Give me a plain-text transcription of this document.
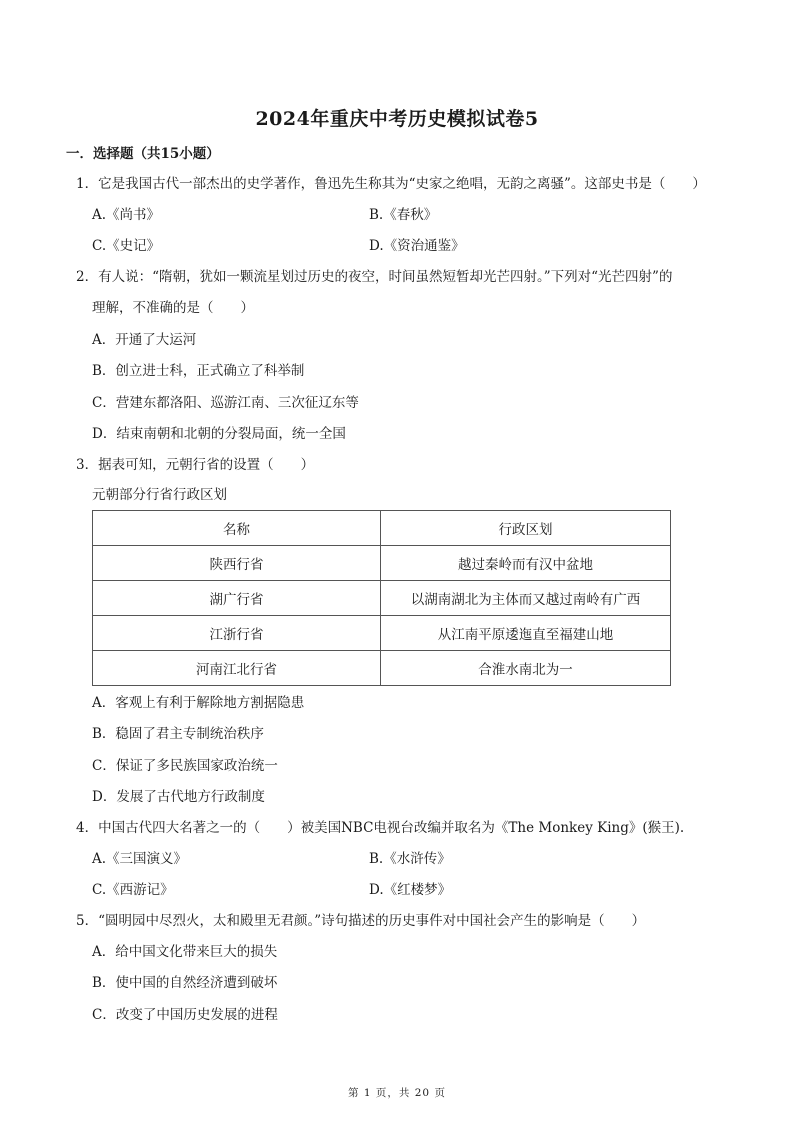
2024年重庆中考历史模拟试卷5
一．选择题（共15小题）
1．它是我国古代一部杰出的史学著作，鲁迅先生称其为“史家之绝唱，无韵之离骚”。这部史书是（　　）
A.《尚书》	B.《春秋》
C.《史记》	D.《资治通鉴》
2．有人说：“隋朝，犹如一颗流星划过历史的夜空，时间虽然短暂却光芒四射。”下列对“光芒四射”的
理解，不准确的是（　　）
A．开通了大运河
B．创立进士科，正式确立了科举制
C．营建东都洛阳、巡游江南、三次征辽东等
D．结束南朝和北朝的分裂局面，统一全国
3．据表可知，元朝行省的设置（　　）
元朝部分行省行政区划
名称	行政区划
陕西行省	越过秦岭而有汉中盆地
湖广行省	以湖南湖北为主体而又越过南岭有广西
江浙行省	从江南平原逶迤直至福建山地
河南江北行省	合淮水南北为一
A．客观上有利于解除地方割据隐患
B．稳固了君主专制统治秩序
C．保证了多民族国家政治统一
D．发展了古代地方行政制度
4．中国古代四大名著之一的（　　）被美国NBC电视台改编并取名为《The Monkey King》(猴王).
A.《三国演义》	B.《水浒传》
C.《西游记》	D.《红楼梦》
5．“圆明园中尽烈火，太和殿里无君颜。”诗句描述的历史事件对中国社会产生的影响是（　　）
A．给中国文化带来巨大的损失
B．使中国的自然经济遭到破坏
C．改变了中国历史发展的进程
第 1 页，共 20 页
